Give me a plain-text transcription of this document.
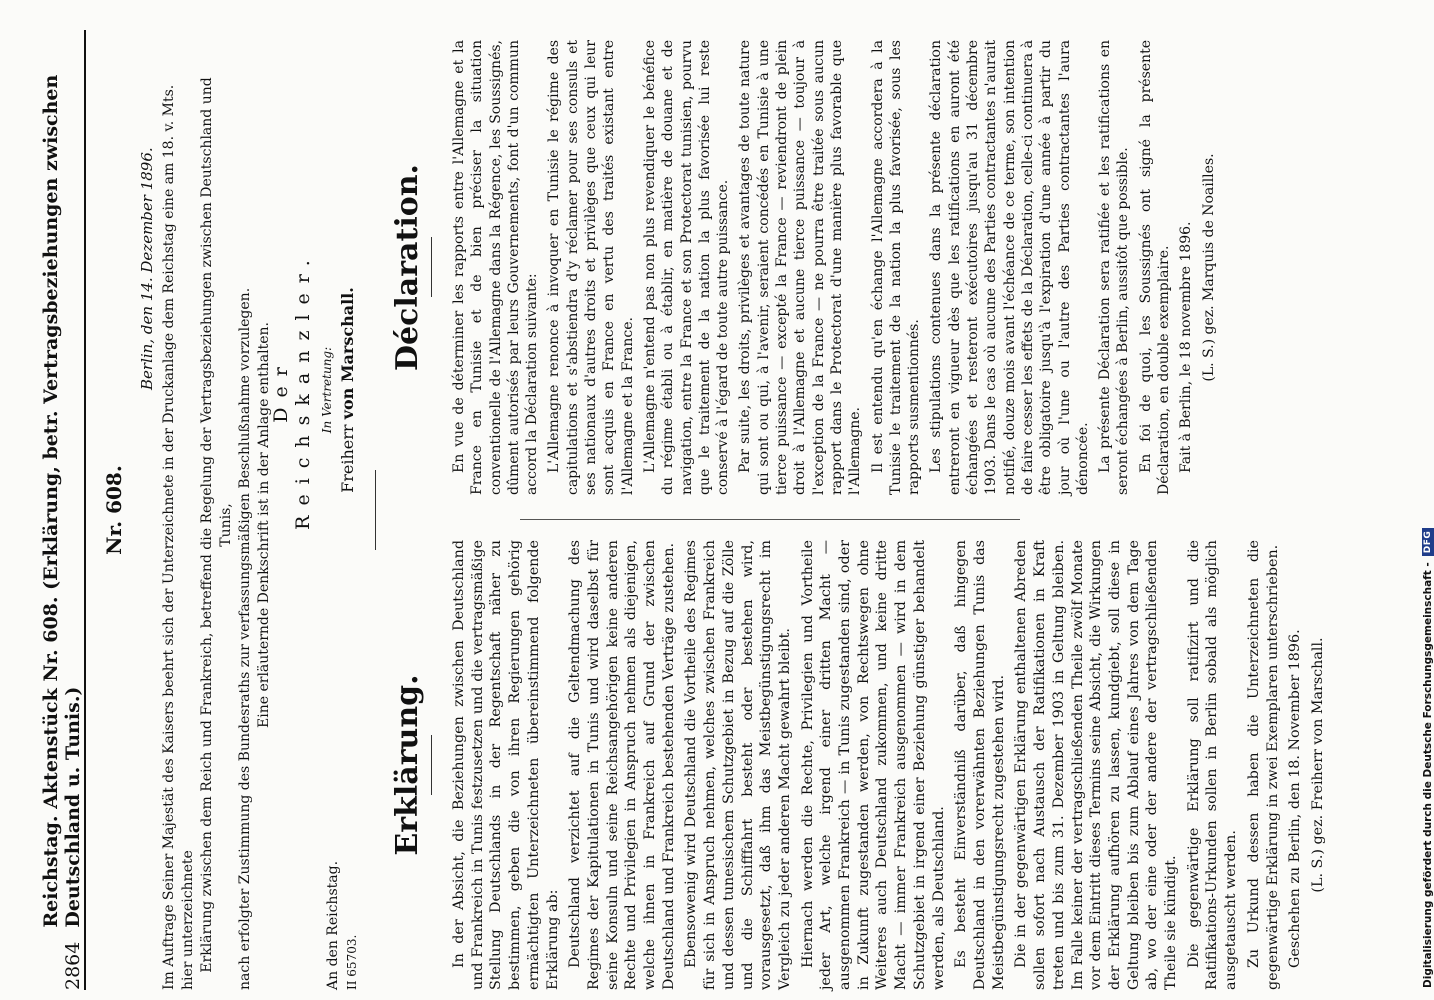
2864
Reichstag. Aktenstück Nr. 608. (Erklärung, betr. Vertragsbeziehungen zwischen Deutschland u. Tunis.)
Nr. 608.
Berlin, den 14. Dezember 1896. Im Auftrage Seiner Majestät des Kaisers beehrt sich der Unterzeichnete in der Druckanlage dem Reichstag eine am 18. v. Mts. hier unterzeichnete Erklärung zwischen dem Reich und Frankreich, betreffend die Regelung der Vertragsbeziehungen zwischen Deutschland und Tunis, nach erfolgter Zustimmung des Bundesraths zur verfassungsmäßigen Beschlußnahme vorzulegen. Eine erläuternde Denkschrift ist in der Anlage enthalten.

Der Reichskanzler. In Vertretung:
Freiherr von Marschall.
An den Reichstag. II 65703.
Erklärung.
Déclaration.

In der Absicht, die Beziehungen zwischen Deutschland und Frankreich in Tunis festzusetzen und die vertragsmäßige Stellung Deutschlands in der Regentschaft näher zu bestimmen, geben die von ihren Regierungen gehörig ermächtigten Unterzeichneten übereinstimmend folgende Erklärung ab: Deutschland verzichtet auf die Geltendmachung des Regimes der Kapitulationen in Tunis und wird daselbst für seine Konsuln und seine Reichsangehörigen keine anderen Rechte und Privilegien in Anspruch nehmen als diejenigen, welche ihnen in Frankreich auf Grund der zwischen Deutschland und Frankreich bestehenden Verträge zustehen. Ebensowenig wird Deutschland die Vortheile des Regimes für sich in Anspruch nehmen, welches zwischen Frankreich und dessen tunesischem Schutzgebiet in Bezug auf die Zölle und die Schifffahrt besteht oder bestehen wird, vorausgesetzt, daß ihm das Meistbegünstigungsrecht im Vergleich zu jeder anderen Macht gewahrt bleibt. Hiernach werden die Rechte, Privilegien und Vortheile jeder Art, welche irgend einer dritten Macht — ausgenommen Frankreich — in Tunis zugestanden sind, oder in Zukunft zugestanden werden, von Rechtswegen ohne Weiteres auch Deutschland zukommen, und keine dritte Macht — immer Frankreich ausgenommen — wird in dem Schutzgebiet in irgend einer Beziehung günstiger behandelt werden, als Deutschland. Es besteht Einverständniß darüber, daß hingegen Deutschland in den vorerwähnten Beziehungen Tunis das Meistbegünstigungsrecht zugestehen wird. Die in der gegenwärtigen Erklärung enthaltenen Abreden sollen sofort nach Austausch der Ratifikationen in Kraft treten und bis zum 31. Dezember 1903 in Geltung bleiben. Im Falle keiner der vertragschließenden Theile zwölf Monate vor dem Eintritt dieses Termins seine Absicht, die Wirkungen der Erklärung aufhören zu lassen, kundgiebt, soll diese in Geltung bleiben bis zum Ablauf eines Jahres von dem Tage ab, wo der eine oder der andere der vertragschließenden Theile sie kündigt. Die gegenwärtige Erklärung soll ratifizirt und die Ratifikations-Urkunden sollen in Berlin sobald als möglich ausgetauscht werden. Zu Urkund dessen haben die Unterzeichneten die gegenwärtige Erklärung in zwei Exemplaren unterschrieben. Geschehen zu Berlin, den 18. November 1896. (L. S.) gez. Freiherr von Marschall.

En vue de déterminer les rapports entre l'Allemagne et la France en Tunisie et de bien préciser la situation conventionelle de l'Allemagne dans la Régence, les Soussignés, dûment autorisés par leurs Gouvernements, font d'un commun accord la Déclaration suivante: L'Allemagne renonce à invoquer en Tunisie le régime des capitulations et s'abstiendra d'y réclamer pour ses consuls et ses nationaux d'autres droits et privilèges que ceux qui leur sont acquis en France en vertu des traités existant entre l'Allemagne et la France. L'Allemagne n'entend pas non plus revendiquer le bénéfice du régime établi ou à établir, en matière de douane et de navigation, entre la France et son Protectorat tunisien, pourvu que le traitement de la nation la plus favorisée lui reste conservé à l'égard de toute autre puissance. Par suite, les droits, privilèges et avantages de toute nature qui sont ou qui, à l'avenir, seraient concédés en Tunisie à une tierce puissance — excepté la France — reviendront de plein droit à l'Allemagne et aucune tierce puissance — toujour à l'exception de la France — ne pourra être traitée sous aucun rapport dans le Protectorat d'une manière plus favorable que l'Allemagne. Il est entendu qu'en échange l'Allemagne accordera à la Tunisie le traitement de la nation la plus favorisée, sous les rapports susmentionnés. Les stipulations contenues dans la présente déclaration entreront en vigueur dès que les ratifications en auront été échangées et resteront exécutoires jusqu'au 31 décembre 1903. Dans le cas où aucune des Parties contractantes n'aurait notifié, douze mois avant l'échéance de ce terme, son intention de faire cesser les effets de la Déclaration, celle-ci continuera à être obligatoire jusqu'à l'expiration d'une année à partir du jour où l'une ou l'autre des Parties contractantes l'aura dénoncée. La présente Déclaration sera ratifiée et les ratifications en seront échangées à Berlin, aussitôt que possible. En foi de quoi, les Soussignés ont signé la présente Déclaration, en double exemplaire. Fait à Berlin, le 18 novembre 1896. (L. S.) gez. Marquis de Noailles.

Digitalisierung gefördert durch die Deutsche Forschungsgemeinschaft -
DFG
